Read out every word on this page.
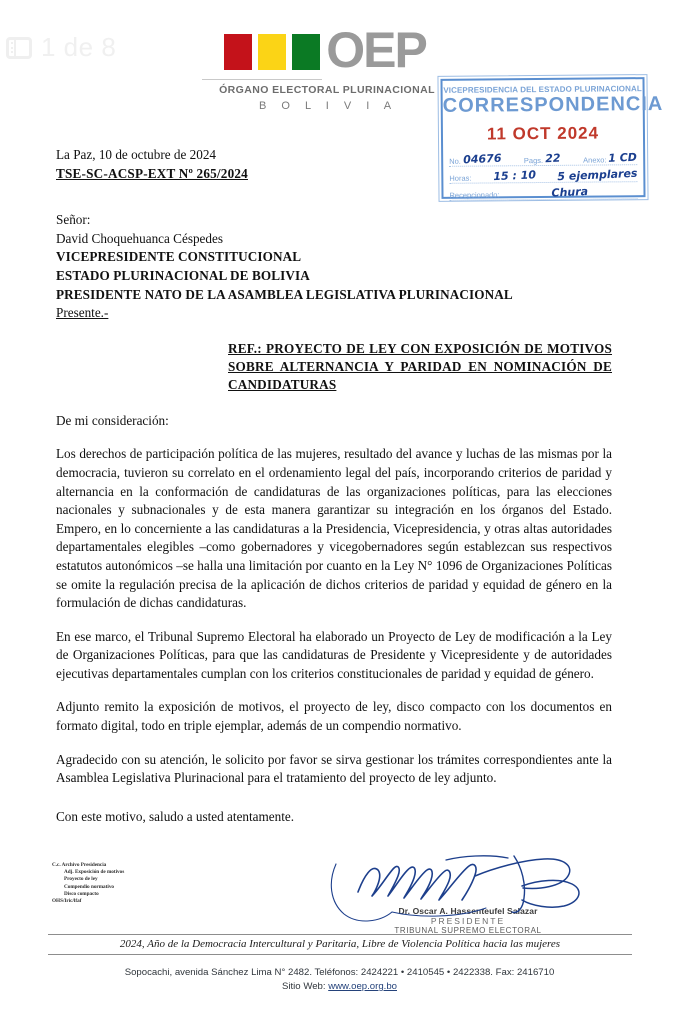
1 de 8	OEP
ÓRGANO ELECTORAL PLURINACIONAL
B O L I V I A
VICEPRESIDENCIA DEL ESTADO PLURINACIONAL
CORRESPONDENCIA
11 OCT 2024
No. 04676	Pags. 22	Anexo: 1 CD
Horas: 15 : 10 5 ejemplares
Recepcionado:	Chura
La Paz, 10 de octubre de 2024
TSE-SC-ACSP-EXT Nº 265/2024
Señor:
David Choquehuanca Céspedes
VICEPRESIDENTE CONSTITUCIONAL
ESTADO PLURINACIONAL DE BOLIVIA
PRESIDENTE NATO DE LA ASAMBLEA LEGISLATIVA PLURINACIONAL
Presente.-
REF.: PROYECTO DE LEY CON EXPOSICIÓN DE MOTIVOS SOBRE ALTERNANCIA Y PARIDAD EN NOMINACIÓN DE CANDIDATURAS
De mi consideración:

Los derechos de participación política de las mujeres, resultado del avance y luchas de las mismas por la democracia, tuvieron su correlato en el ordenamiento legal del país, incorporando criterios de paridad y alternancia en la conformación de candidaturas de las organizaciones políticas, para las elecciones nacionales y subnacionales y de esta manera garantizar su integración en los órganos del Estado. Empero, en lo concerniente a las candidaturas a la Presidencia, Vicepresidencia, y otras altas autoridades departamentales elegibles –como gobernadores y vicegobernadores según establezcan sus respectivos estatutos autonómicos –se halla una limitación por cuanto en la Ley N° 1096 de Organizaciones Políticas se omite la regulación precisa de la aplicación de dichos criterios de paridad y equidad de género en la formulación de dichas candidaturas.

En ese marco, el Tribunal Supremo Electoral ha elaborado un Proyecto de Ley de modificación a la Ley de Organizaciones Políticas, para que las candidaturas de Presidente y Vicepresidente y de autoridades ejecutivas departamentales cumplan con los criterios constitucionales de paridad y equidad de género.

Adjunto remito la exposición de motivos, el proyecto de ley, disco compacto con los documentos en formato digital, todo en triple ejemplar, además de un compendio normativo.

Agradecido con su atención, le solicito por favor se sirva gestionar los trámites correspondientes ante la Asamblea Legislativa Plurinacional para el tratamiento del proyecto de ley adjunto.

Con este motivo, saludo a usted atentamente.
C.c. Archivo Presidencia
Adj. Exposición de motivos
Proyecto de ley
Compendio normativo
Disco compacto
OHS/Iric/lfaf
Dr. Oscar A. Hassenteufel Salazar
PRESIDENTE
TRIBUNAL SUPREMO ELECTORAL
2024, Año de la Democracia Intercultural y Paritaria, Libre de Violencia Política hacia las mujeres
Sopocachi, avenida Sánchez Lima N° 2482. Teléfonos: 2424221 • 2410545 • 2422338. Fax: 2416710
Sitio Web: www.oep.org.bo
